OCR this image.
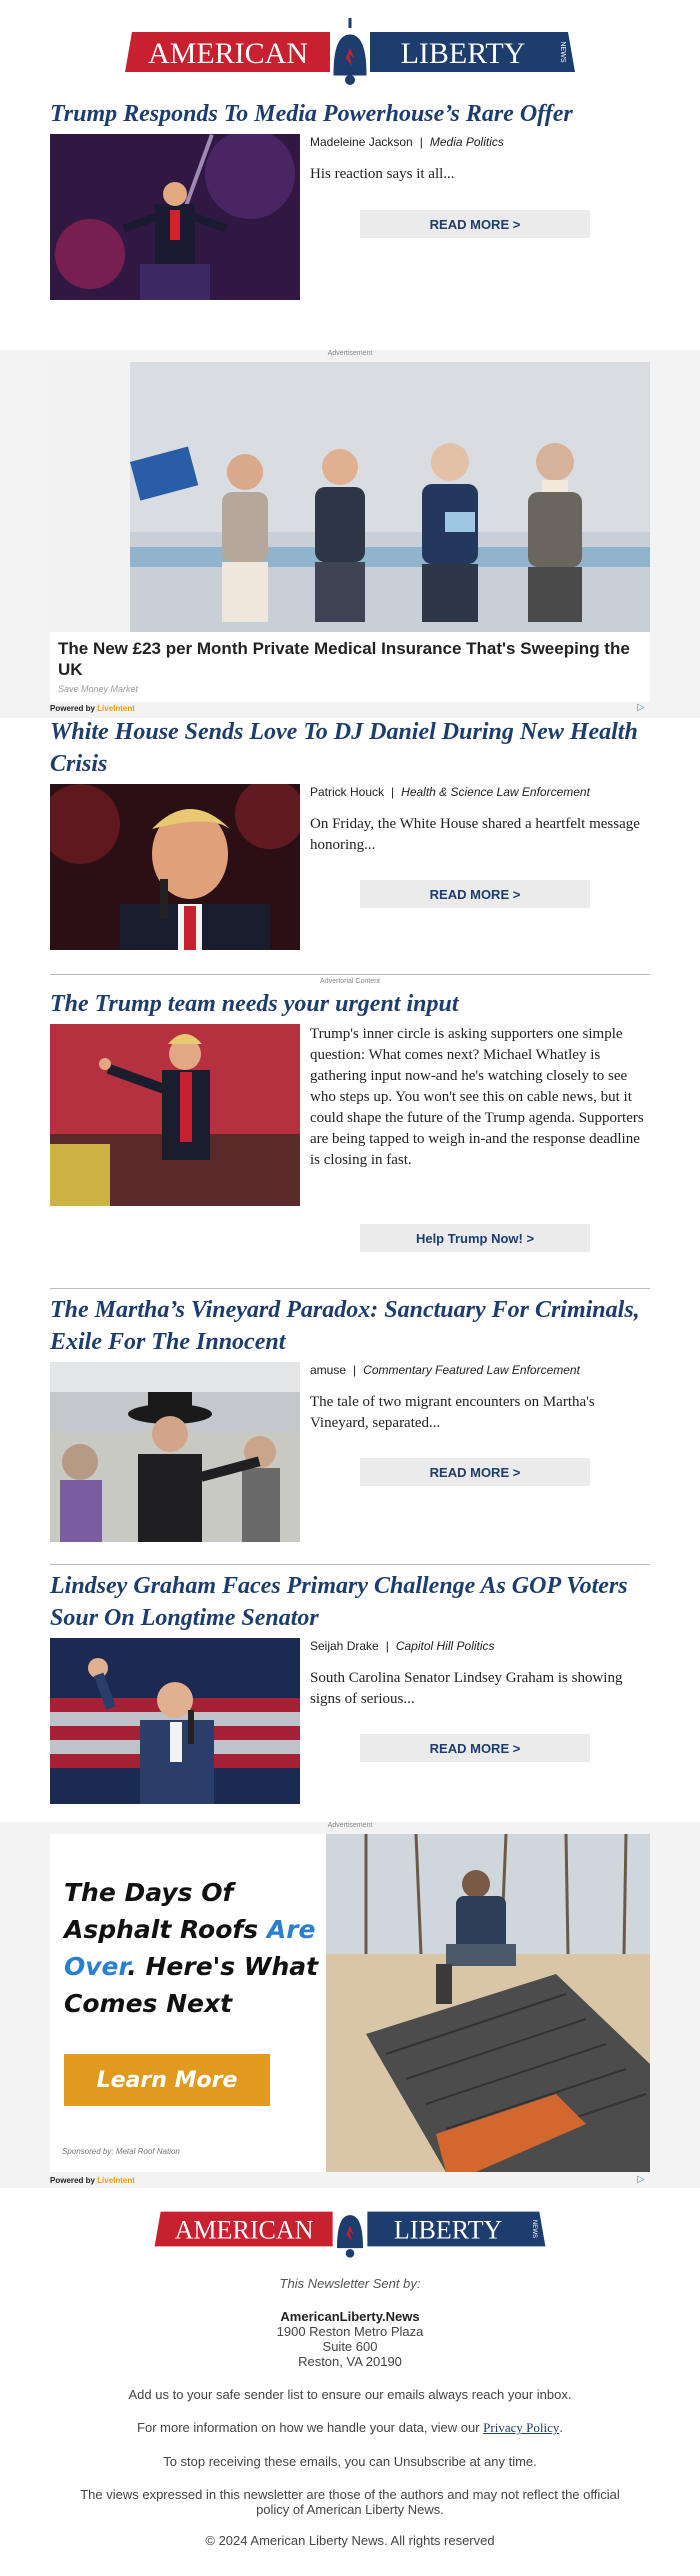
AMERICAN	LIBERTY	NEWS
Trump Responds To Media Powerhouse’s Rare Offer
Madeleine Jackson | Media Politics
His reaction says it all...
READ MORE >
Advertisement
The New £23 per Month Private Medical Insurance That's Sweeping the UK
Save Money Market
Powered by LiveIntent	▷
White House Sends Love To DJ Daniel During New Health Crisis
Patrick Houck | Health & Science Law Enforcement
On Friday, the White House shared a heartfelt message honoring...
READ MORE >
Advertorial Content
The Trump team needs your urgent input
Trump's inner circle is asking supporters one simple question: What comes next? Michael Whatley is gathering input now-and he's watching closely to see who steps up. You won't see this on cable news, but it could shape the future of the Trump agenda. Supporters are being tapped to weigh in-and the response deadline is closing in fast.
Help Trump Now! >
The Martha’s Vineyard Paradox: Sanctuary For Criminals, Exile For The Innocent
amuse | Commentary Featured Law Enforcement
The tale of two migrant encounters on Martha's Vineyard, separated...
READ MORE >
Lindsey Graham Faces Primary Challenge As GOP Voters Sour On Longtime Senator
Seijah Drake | Capitol Hill Politics
South Carolina Senator Lindsey Graham is showing signs of serious...
READ MORE >
Advertisement
The Days Of Asphalt Roofs Are Over. Here's What Comes Next
Learn More
Sponsored by: Metal Roof Nation
Powered by LiveIntent	▷
AMERICAN	LIBERTY	NEWS
This Newsletter Sent by:
AmericanLiberty.News
1900 Reston Metro Plaza
Suite 600
Reston, VA 20190
Add us to your safe sender list to ensure our emails always reach your inbox.
For more information on how we handle your data, view our Privacy Policy.
To stop receiving these emails, you can Unsubscribe at any time.
The views expressed in this newsletter are those of the authors and may not reflect the official policy of American Liberty News.
© 2024 American Liberty News. All rights reserved
